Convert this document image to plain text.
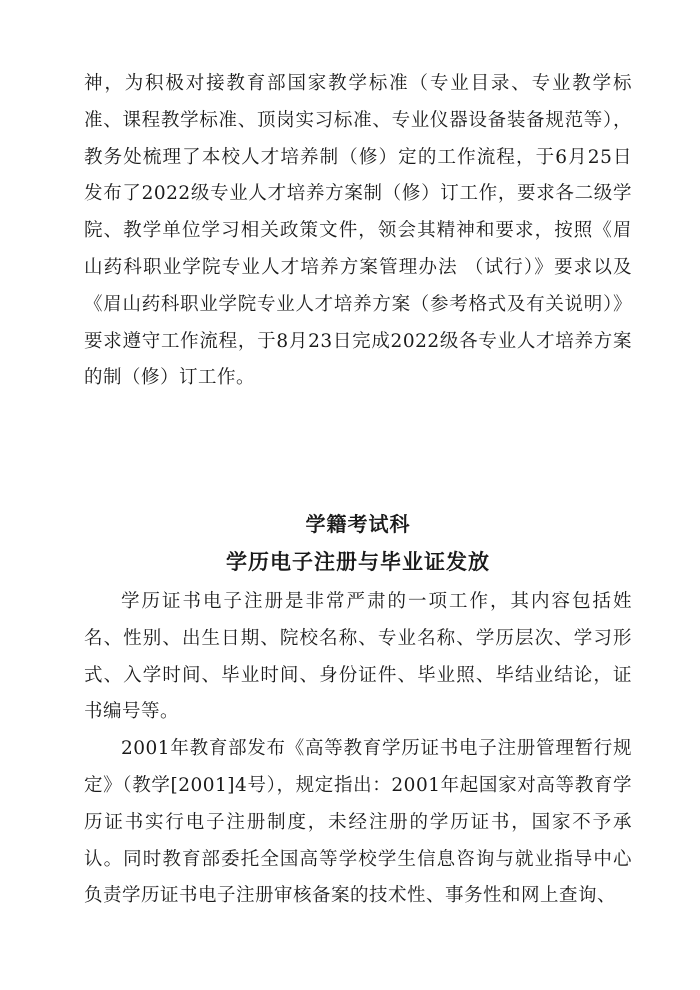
神，为积极对接教育部国家教学标准（专业目录、专业教学标准、课程教学标准、顶岗实习标准、专业仪器设备装备规范等），教务处梳理了本校人才培养制（修）定的工作流程，于6月25日发布了2022级专业人才培养方案制（修）订工作，要求各二级学院、教学单位学习相关政策文件，领会其精神和要求，按照《眉山药科职业学院专业人才培养方案管理办法 （试行）》要求以及《眉山药科职业学院专业人才培养方案（参考格式及有关说明）》要求遵守工作流程，于8月23日完成2022级各专业人才培养方案的制（修）订工作。

学籍考试科
学历电子注册与毕业证发放

学历证书电子注册是非常严肃的一项工作，其内容包括姓名、性别、出生日期、院校名称、专业名称、学历层次、学习形式、入学时间、毕业时间、身份证件、毕业照、毕结业结论，证书编号等。

2001年教育部发布《高等教育学历证书电子注册管理暂行规定》（教学[2001]4号），规定指出：2001年起国家对高等教育学历证书实行电子注册制度，未经注册的学历证书，国家不予承认。同时教育部委托全国高等学校学生信息咨询与就业指导中心负责学历证书电子注册审核备案的技术性、事务性和网上查询、
